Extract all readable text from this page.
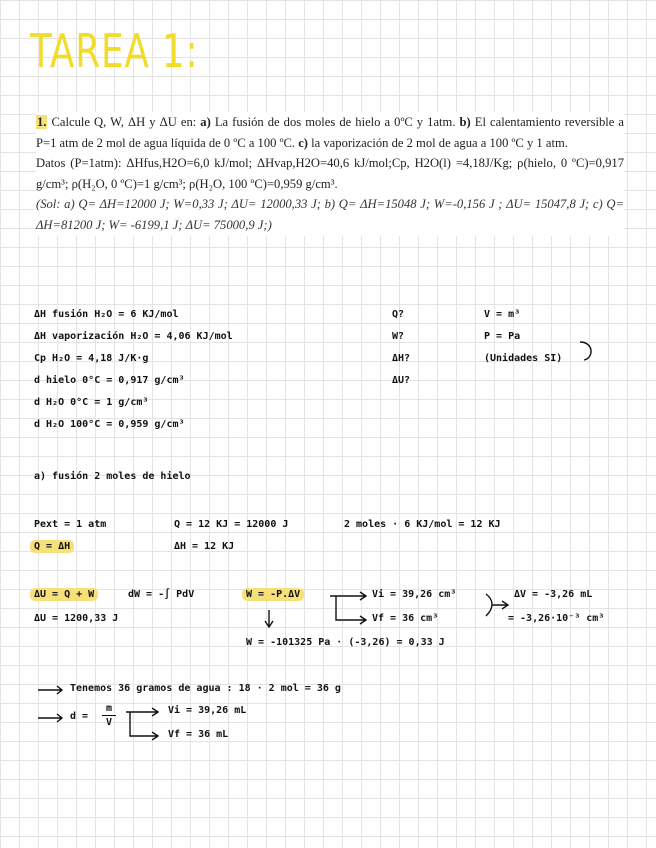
TAREA 1:

1. Calcule Q, W, ΔH y ΔU en: a) La fusión de dos moles de hielo a 0ºC y 1atm. b) El calentamiento reversible a P=1 atm de 2 mol de agua líquida de 0 ºC a 100 ºC. c) la vaporización de 2 mol de agua a 100 ºC y 1 atm.

Datos (P=1atm): ΔHfus,H2O=6,0 kJ/mol; ΔHvap,H2O=40,6 kJ/mol;Cp, H2O(l) =4,18J/Kg; ρ(hielo, 0 ºC)=0,917 g/cm³; ρ(H₂O, 0 ºC)=1 g/cm³; ρ(H₂O, 100 ºC)=0,959 g/cm³.

(Sol: a) Q= ΔH=12000 J; W=0,33 J; ΔU= 12000,33 J; b) Q= ΔH=15048 J; W=-0,156 J ; ΔU= 15047,8 J; c) Q= ΔH=81200 J; W= -6199,1 J; ΔU= 75000,9 J;)

ΔH fusión H₂O = 6 KJ/mol
ΔH vaporización H₂O = 4,06 KJ/mol
Cp H₂O = 4,18 J/K·g
d hielo 0°C = 0,917 g/cm³
d H₂O 0°C = 1 g/cm³
d H₂O 100°C = 0,959 g/cm³
Q?
W?
ΔH?
ΔU?
V = m³
P = Pa
(Unidades SI)
a) fusión 2 moles de hielo
Pext = 1 atm
Q = ΔH
Q = 12 KJ = 12000 J
ΔH = 12 KJ
2 moles · 6 KJ/mol = 12 KJ
ΔU = Q + W
ΔU = 1200,33 J
dW = -∫ PdV	W = -P.ΔV	Vi = 39,26 cm³
Vf = 36 cm³
ΔV = -3,26 mL
= -3,26·10⁻³ cm³
W = -101325 Pa · (-3,26) = 0,33 J
Tenemos 36 gramos de agua : 18 · 2 mol = 36 g
d =
m
V
Vi = 39,26 mL
Vf = 36 mL
